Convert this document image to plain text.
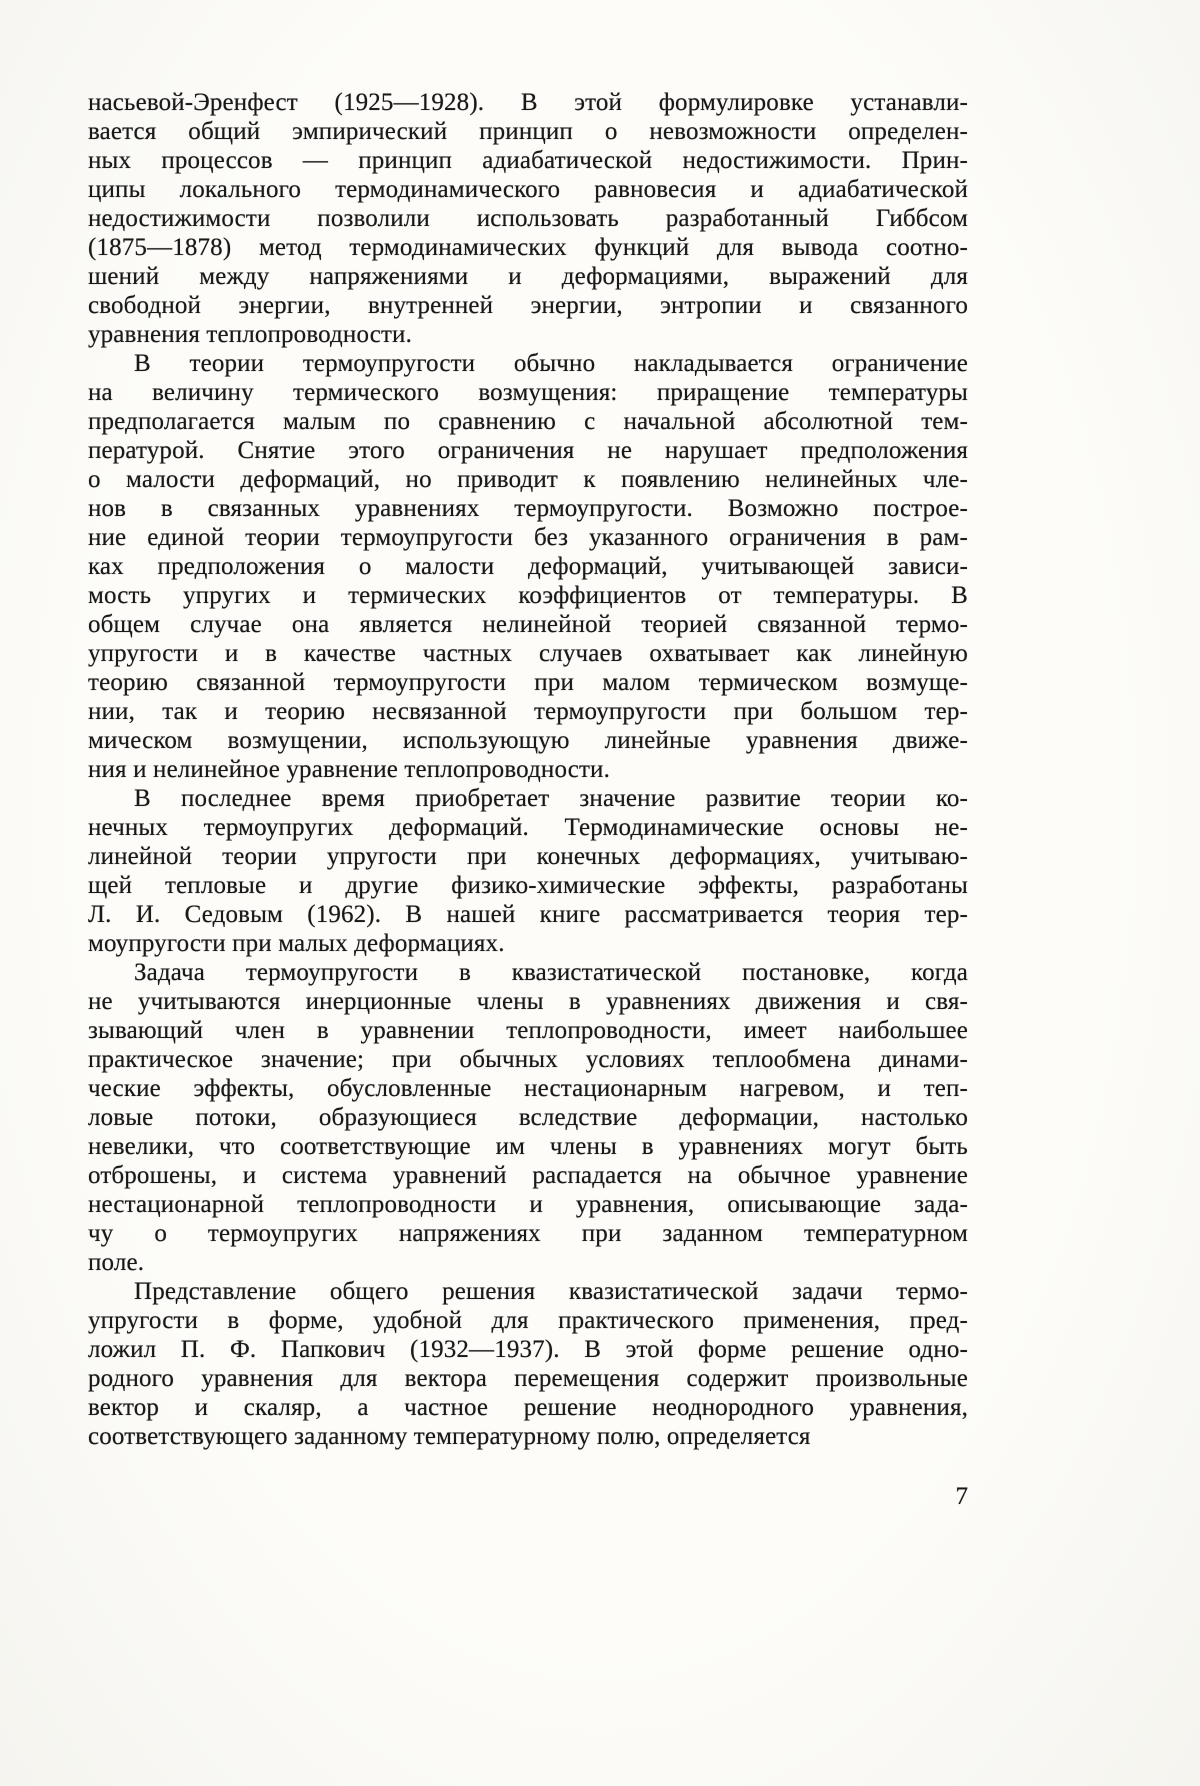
насьевой-Эренфест (1925—1928). В этой формулировке устанавли-
вается общий эмпирический принцип о невозможности определен-
ных процессов — принцип адиабатической недостижимости. Прин-
ципы локального термодинамического равновесия и адиабатической
недостижимости позволили использовать разработанный Гиббсом
(1875—1878) метод термодинамических функций для вывода соотно-
шений между напряжениями и деформациями, выражений для
свободной энергии, внутренней энергии, энтропии и связанного
уравнения теплопроводности.
В теории термоупругости обычно накладывается ограничение
на величину термического возмущения: приращение температуры
предполагается малым по сравнению с начальной абсолютной тем-
пературой. Снятие этого ограничения не нарушает предположения
о малости деформаций, но приводит к появлению нелинейных чле-
нов в связанных уравнениях термоупругости. Возможно построе-
ние единой теории термоупругости без указанного ограничения в рам-
ках предположения о малости деформаций, учитывающей зависи-
мость упругих и термических коэффициентов от температуры. В
общем случае она является нелинейной теорией связанной термо-
упругости и в качестве частных случаев охватывает как линейную
теорию связанной термоупругости при малом термическом возмуще-
нии, так и теорию несвязанной термоупругости при большом тер-
мическом возмущении, использующую линейные уравнения движе-
ния и нелинейное уравнение теплопроводности.
В последнее время приобретает значение развитие теории ко-
нечных термоупругих деформаций. Термодинамические основы не-
линейной теории упругости при конечных деформациях, учитываю-
щей тепловые и другие физико-химические эффекты, разработаны
Л. И. Седовым (1962). В нашей книге рассматривается теория тер-
моупругости при малых деформациях.
Задача термоупругости в квазистатической постановке, когда
не учитываются инерционные члены в уравнениях движения и свя-
зывающий член в уравнении теплопроводности, имеет наибольшее
практическое значение; при обычных условиях теплообмена динами-
ческие эффекты, обусловленные нестационарным нагревом, и теп-
ловые потоки, образующиеся вследствие деформации, настолько
невелики, что соответствующие им члены в уравнениях могут быть
отброшены, и система уравнений распадается на обычное уравнение
нестационарной теплопроводности и уравнения, описывающие зада-
чу о термоупругих напряжениях при заданном температурном
поле.
Представление общего решения квазистатической задачи термо-
упругости в форме, удобной для практического применения, пред-
ложил П. Ф. Папкович (1932—1937). В этой форме решение одно-
родного уравнения для вектора перемещения содержит произвольные
вектор и скаляр, а частное решение неоднородного уравнения,
соответствующего заданному температурному полю, определяется
7
